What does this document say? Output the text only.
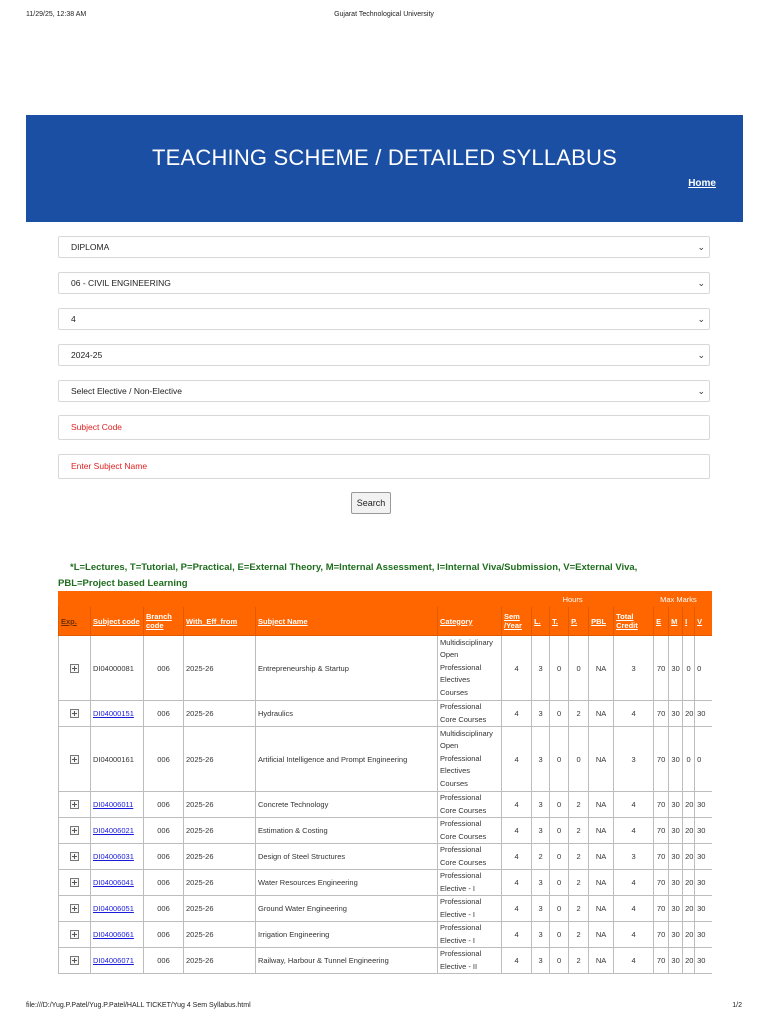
11/29/25, 12:38 AM	Gujarat Technological University
TEACHING SCHEME / DETAILED SYLLABUS
Home
DIPLOMA	⌄
06 - CIVIL ENGINEERING	⌄
4	⌄
2024-25	⌄
Select Elective / Non-Elective	⌄
Subject Code
Enter Subject Name
Search
*L=Lectures, T=Tutorial, P=Practical, E=External Theory, M=Internal Assessment, I=Internal Viva/Submission, V=External Viva,
PBL=Project based Learning
							Hours					Max Marks			
Exp.	Subject code	Branch code	With_Eff_from	Subject Name	Category	Sem /Year	L.	T.	P.	PBL	Total Credit	E	M	I	V
	DI04000081	006	2025-26	Entrepreneurship & Startup	Multidisciplinary Open Professional Electives Courses	4	3	0	0	NA	3	70	30	0	0
	DI04000151	006	2025-26	Hydraulics	Professional Core Courses	4	3	0	2	NA	4	70	30	20	30
	DI04000161	006	2025-26	Artificial Intelligence and Prompt Engineering	Multidisciplinary Open Professional Electives Courses	4	3	0	0	NA	3	70	30	0	0
	DI04006011	006	2025-26	Concrete Technology	Professional Core Courses	4	3	0	2	NA	4	70	30	20	30
	DI04006021	006	2025-26	Estimation & Costing	Professional Core Courses	4	3	0	2	NA	4	70	30	20	30
	DI04006031	006	2025-26	Design of Steel Structures	Professional Core Courses	4	2	0	2	NA	3	70	30	20	30
	DI04006041	006	2025-26	Water Resources Engineering	Professional Elective - I	4	3	0	2	NA	4	70	30	20	30
	DI04006051	006	2025-26	Ground Water Engineering	Professional Elective - I	4	3	0	2	NA	4	70	30	20	30
	DI04006061	006	2025-26	Irrigation Engineering	Professional Elective - I	4	3	0	2	NA	4	70	30	20	30
	DI04006071	006	2025-26	Railway, Harbour & Tunnel Engineering	Professional Elective - II	4	3	0	2	NA	4	70	30	20	30
file:///D:/Yug.P.Patel/Yug.P.Patel/HALL TICKET/Yug 4 Sem Syllabus.html	1/2
